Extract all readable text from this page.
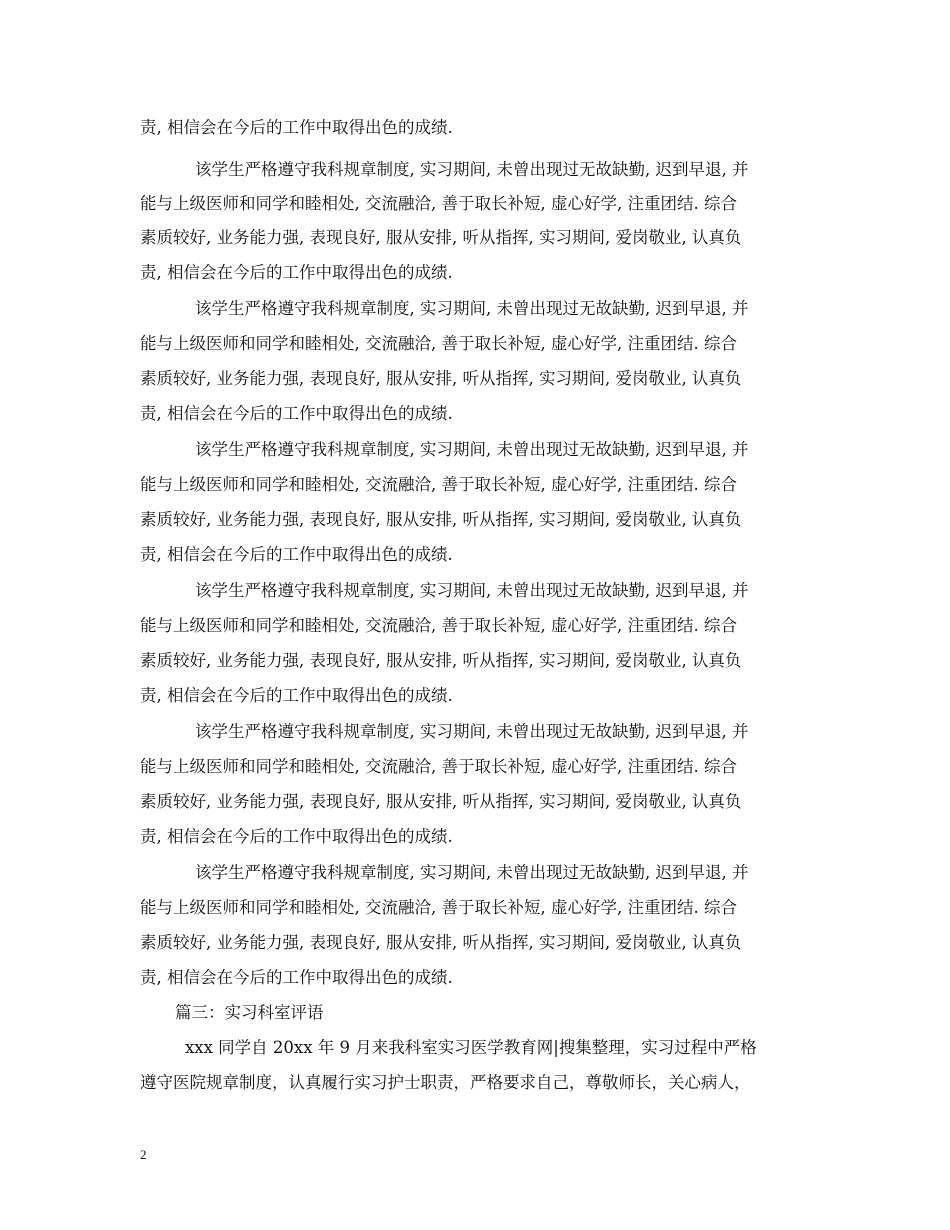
责, 相信会在今后的工作中取得出色的成绩.
该学生严格遵守我科规章制度, 实习期间, 未曾出现过无故缺勤, 迟到早退, 并
能与上级医师和同学和睦相处, 交流融洽, 善于取长补短, 虚心好学, 注重团结. 综合
素质较好, 业务能力强, 表现良好, 服从安排, 听从指挥, 实习期间, 爱岗敬业, 认真负
责, 相信会在今后的工作中取得出色的成绩.
该学生严格遵守我科规章制度, 实习期间, 未曾出现过无故缺勤, 迟到早退, 并
能与上级医师和同学和睦相处, 交流融洽, 善于取长补短, 虚心好学, 注重团结. 综合
素质较好, 业务能力强, 表现良好, 服从安排, 听从指挥, 实习期间, 爱岗敬业, 认真负
责, 相信会在今后的工作中取得出色的成绩.
该学生严格遵守我科规章制度, 实习期间, 未曾出现过无故缺勤, 迟到早退, 并
能与上级医师和同学和睦相处, 交流融洽, 善于取长补短, 虚心好学, 注重团结. 综合
素质较好, 业务能力强, 表现良好, 服从安排, 听从指挥, 实习期间, 爱岗敬业, 认真负
责, 相信会在今后的工作中取得出色的成绩.
该学生严格遵守我科规章制度, 实习期间, 未曾出现过无故缺勤, 迟到早退, 并
能与上级医师和同学和睦相处, 交流融洽, 善于取长补短, 虚心好学, 注重团结. 综合
素质较好, 业务能力强, 表现良好, 服从安排, 听从指挥, 实习期间, 爱岗敬业, 认真负
责, 相信会在今后的工作中取得出色的成绩.
该学生严格遵守我科规章制度, 实习期间, 未曾出现过无故缺勤, 迟到早退, 并
能与上级医师和同学和睦相处, 交流融洽, 善于取长补短, 虚心好学, 注重团结. 综合
素质较好, 业务能力强, 表现良好, 服从安排, 听从指挥, 实习期间, 爱岗敬业, 认真负
责, 相信会在今后的工作中取得出色的成绩.
该学生严格遵守我科规章制度, 实习期间, 未曾出现过无故缺勤, 迟到早退, 并
能与上级医师和同学和睦相处, 交流融洽, 善于取长补短, 虚心好学, 注重团结. 综合
素质较好, 业务能力强, 表现良好, 服从安排, 听从指挥, 实习期间, 爱岗敬业, 认真负
责, 相信会在今后的工作中取得出色的成绩.
篇三：实习科室评语
xxx 同学自 20xx 年 9 月来我科室实习医学教育网|搜集整理，实习过程中严格
遵守医院规章制度，认真履行实习护士职责，严格要求自己，尊敬师长，关心病人，
2
